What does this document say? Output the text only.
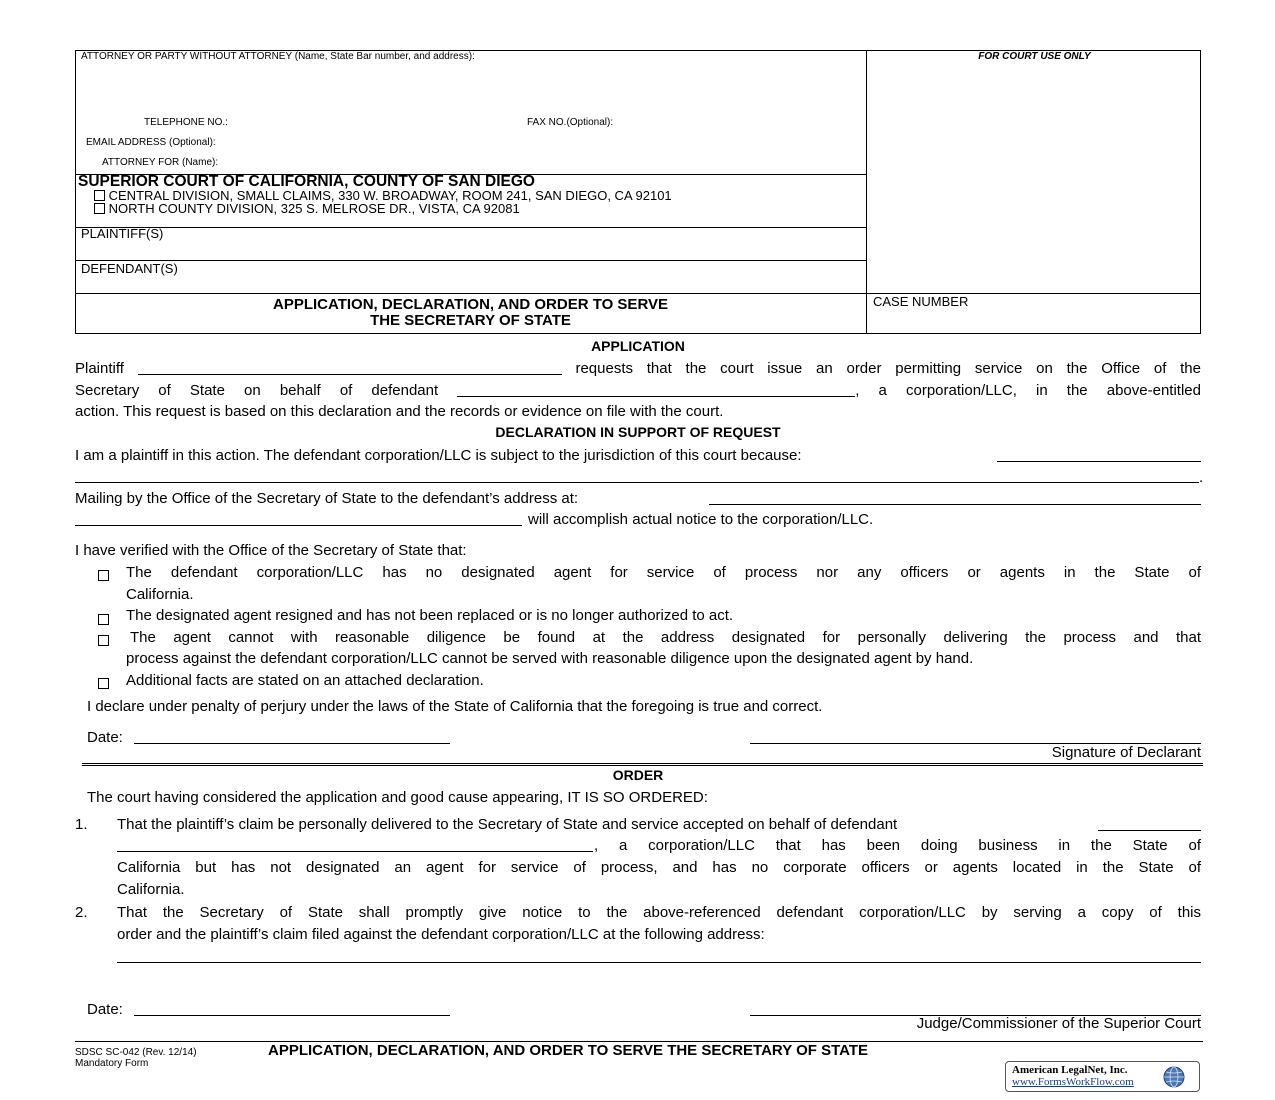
ATTORNEY OR PARTY WITHOUT ATTORNEY (Name, State Bar number, and address):
TELEPHONE NO.:	FAX NO.(Optional):
EMAIL ADDRESS (Optional):
ATTORNEY FOR (Name):
FOR COURT USE ONLY
SUPERIOR COURT OF CALIFORNIA, COUNTY OF SAN DIEGO
CENTRAL DIVISION, SMALL CLAIMS, 330 W. BROADWAY, ROOM 241, SAN DIEGO, CA 92101
NORTH COUNTY DIVISION, 325 S. MELROSE DR., VISTA, CA 92081
PLAINTIFF(S)
DEFENDANT(S)
APPLICATION, DECLARATION, AND ORDER TO SERVE
THE SECRETARY OF STATE
CASE NUMBER
APPLICATION
Plaintiff	requests that the court issue an order permitting service on the Office of the
Secretary of State on behalf of defendant	, a corporation/LLC, in the above-entitled
action. This request is based on this declaration and the records or evidence on file with the court.
DECLARATION IN SUPPORT OF REQUEST
I am a plaintiff in this action. The defendant corporation/LLC is subject to the jurisdiction of this court because:
.
Mailing by the Office of the Secretary of State to the defendant’s address at:
will accomplish actual notice to the corporation/LLC.
I have verified with the Office of the Secretary of State that:
The defendant corporation/LLC has no designated agent for service of process nor any officers or agents in the State of
California.
The designated agent resigned and has not been replaced or is no longer authorized to act.
The agent cannot with reasonable diligence be found at the address designated for personally delivering the process and that
process against the defendant corporation/LLC cannot be served with reasonable diligence upon the designated agent by hand.
Additional facts are stated on an attached declaration.
I declare under penalty of perjury under the laws of the State of California that the foregoing is true and correct.
Date:
Signature of Declarant
ORDER
The court having considered the application and good cause appearing, IT IS SO ORDERED:
1. That the plaintiff’s claim be personally delivered to the Secretary of State and service accepted on behalf of defendant
, a corporation/LLC that has been doing business in the State of
California but has not designated an agent for service of process, and has no corporate officers or agents located in the State of
California.
2. That the Secretary of State shall promptly give notice to the above-referenced defendant corporation/LLC by serving a copy of this
order and the plaintiff’s claim filed against the defendant corporation/LLC at the following address:
Date:
Judge/Commissioner of the Superior Court
SDSC SC-042 (Rev. 12/14)
Mandatory Form
APPLICATION, DECLARATION, AND ORDER TO SERVE THE SECRETARY OF STATE
American LegalNet, Inc.
www.FormsWorkFlow.com
